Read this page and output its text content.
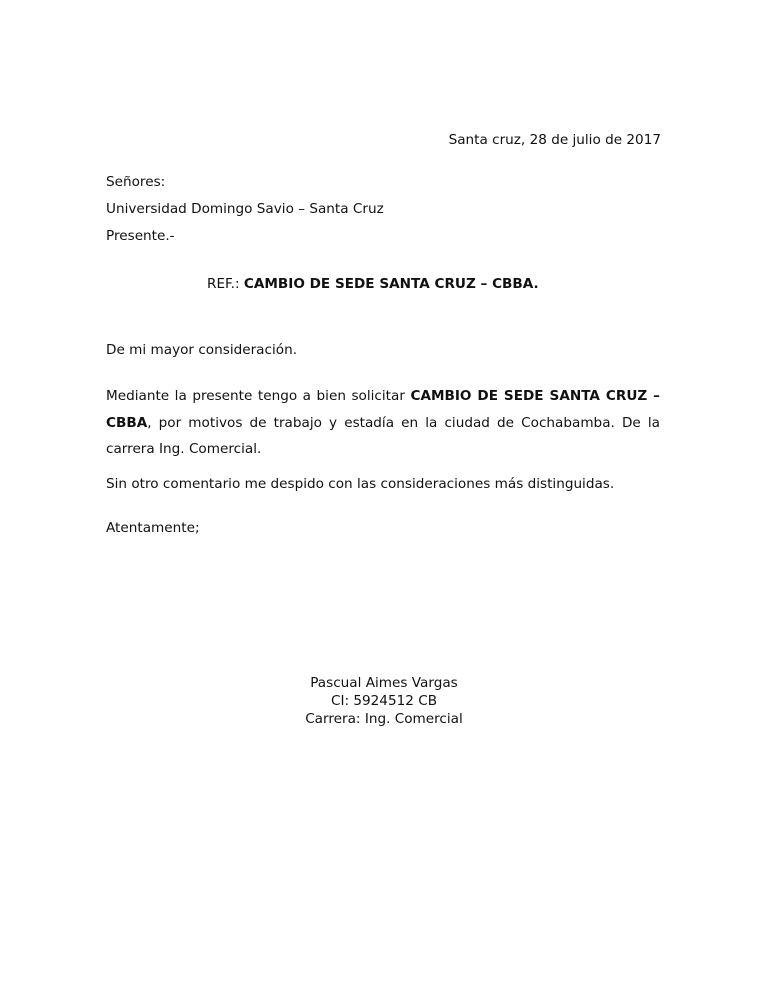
Santa cruz, 28 de julio de 2017
Señores:
Universidad Domingo Savio – Santa Cruz
Presente.-
REF.: CAMBIO DE SEDE SANTA CRUZ – CBBA.
De mi mayor consideración.
Mediante la presente tengo a bien solicitar CAMBIO DE SEDE SANTA CRUZ – CBBA, por motivos de trabajo y estadía en la ciudad de Cochabamba. De la carrera Ing. Comercial.
Sin otro comentario me despido con las consideraciones más distinguidas.
Atentamente;
Pascual Aimes Vargas
CI: 5924512 CB
Carrera: Ing. Comercial
